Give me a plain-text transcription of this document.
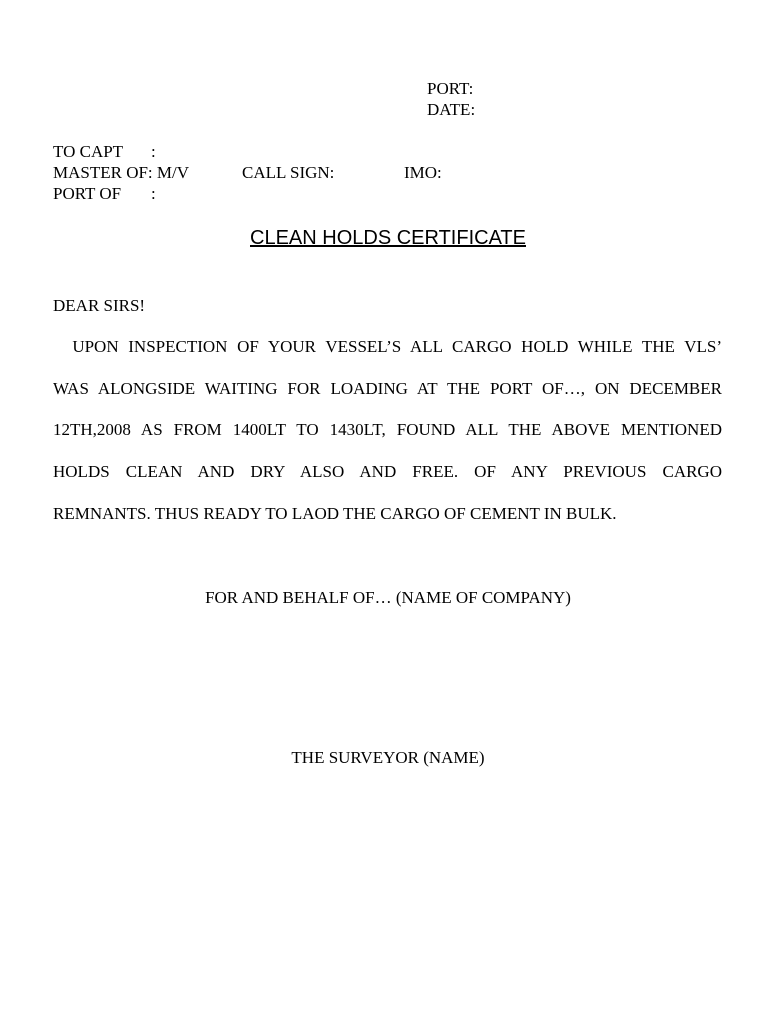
PORT:
DATE:
TO CAPT :
MASTER OF: M/V	CALL SIGN:	IMO:
PORT OF :
CLEAN HOLDS CERTIFICATE
DEAR SIRS!
UPON INSPECTION OF YOUR VESSEL’S ALL CARGO HOLD WHILE THE VLS’
WAS ALONGSIDE WAITING FOR LOADING AT THE PORT OF…, ON DECEMBER
12TH,2008 AS FROM 1400LT TO 1430LT, FOUND ALL THE ABOVE MENTIONED
HOLDS CLEAN AND DRY ALSO AND FREE. OF ANY PREVIOUS CARGO
REMNANTS. THUS READY TO LAOD THE CARGO OF CEMENT IN BULK.
FOR AND BEHALF OF… (NAME OF COMPANY)
THE SURVEYOR (NAME)
